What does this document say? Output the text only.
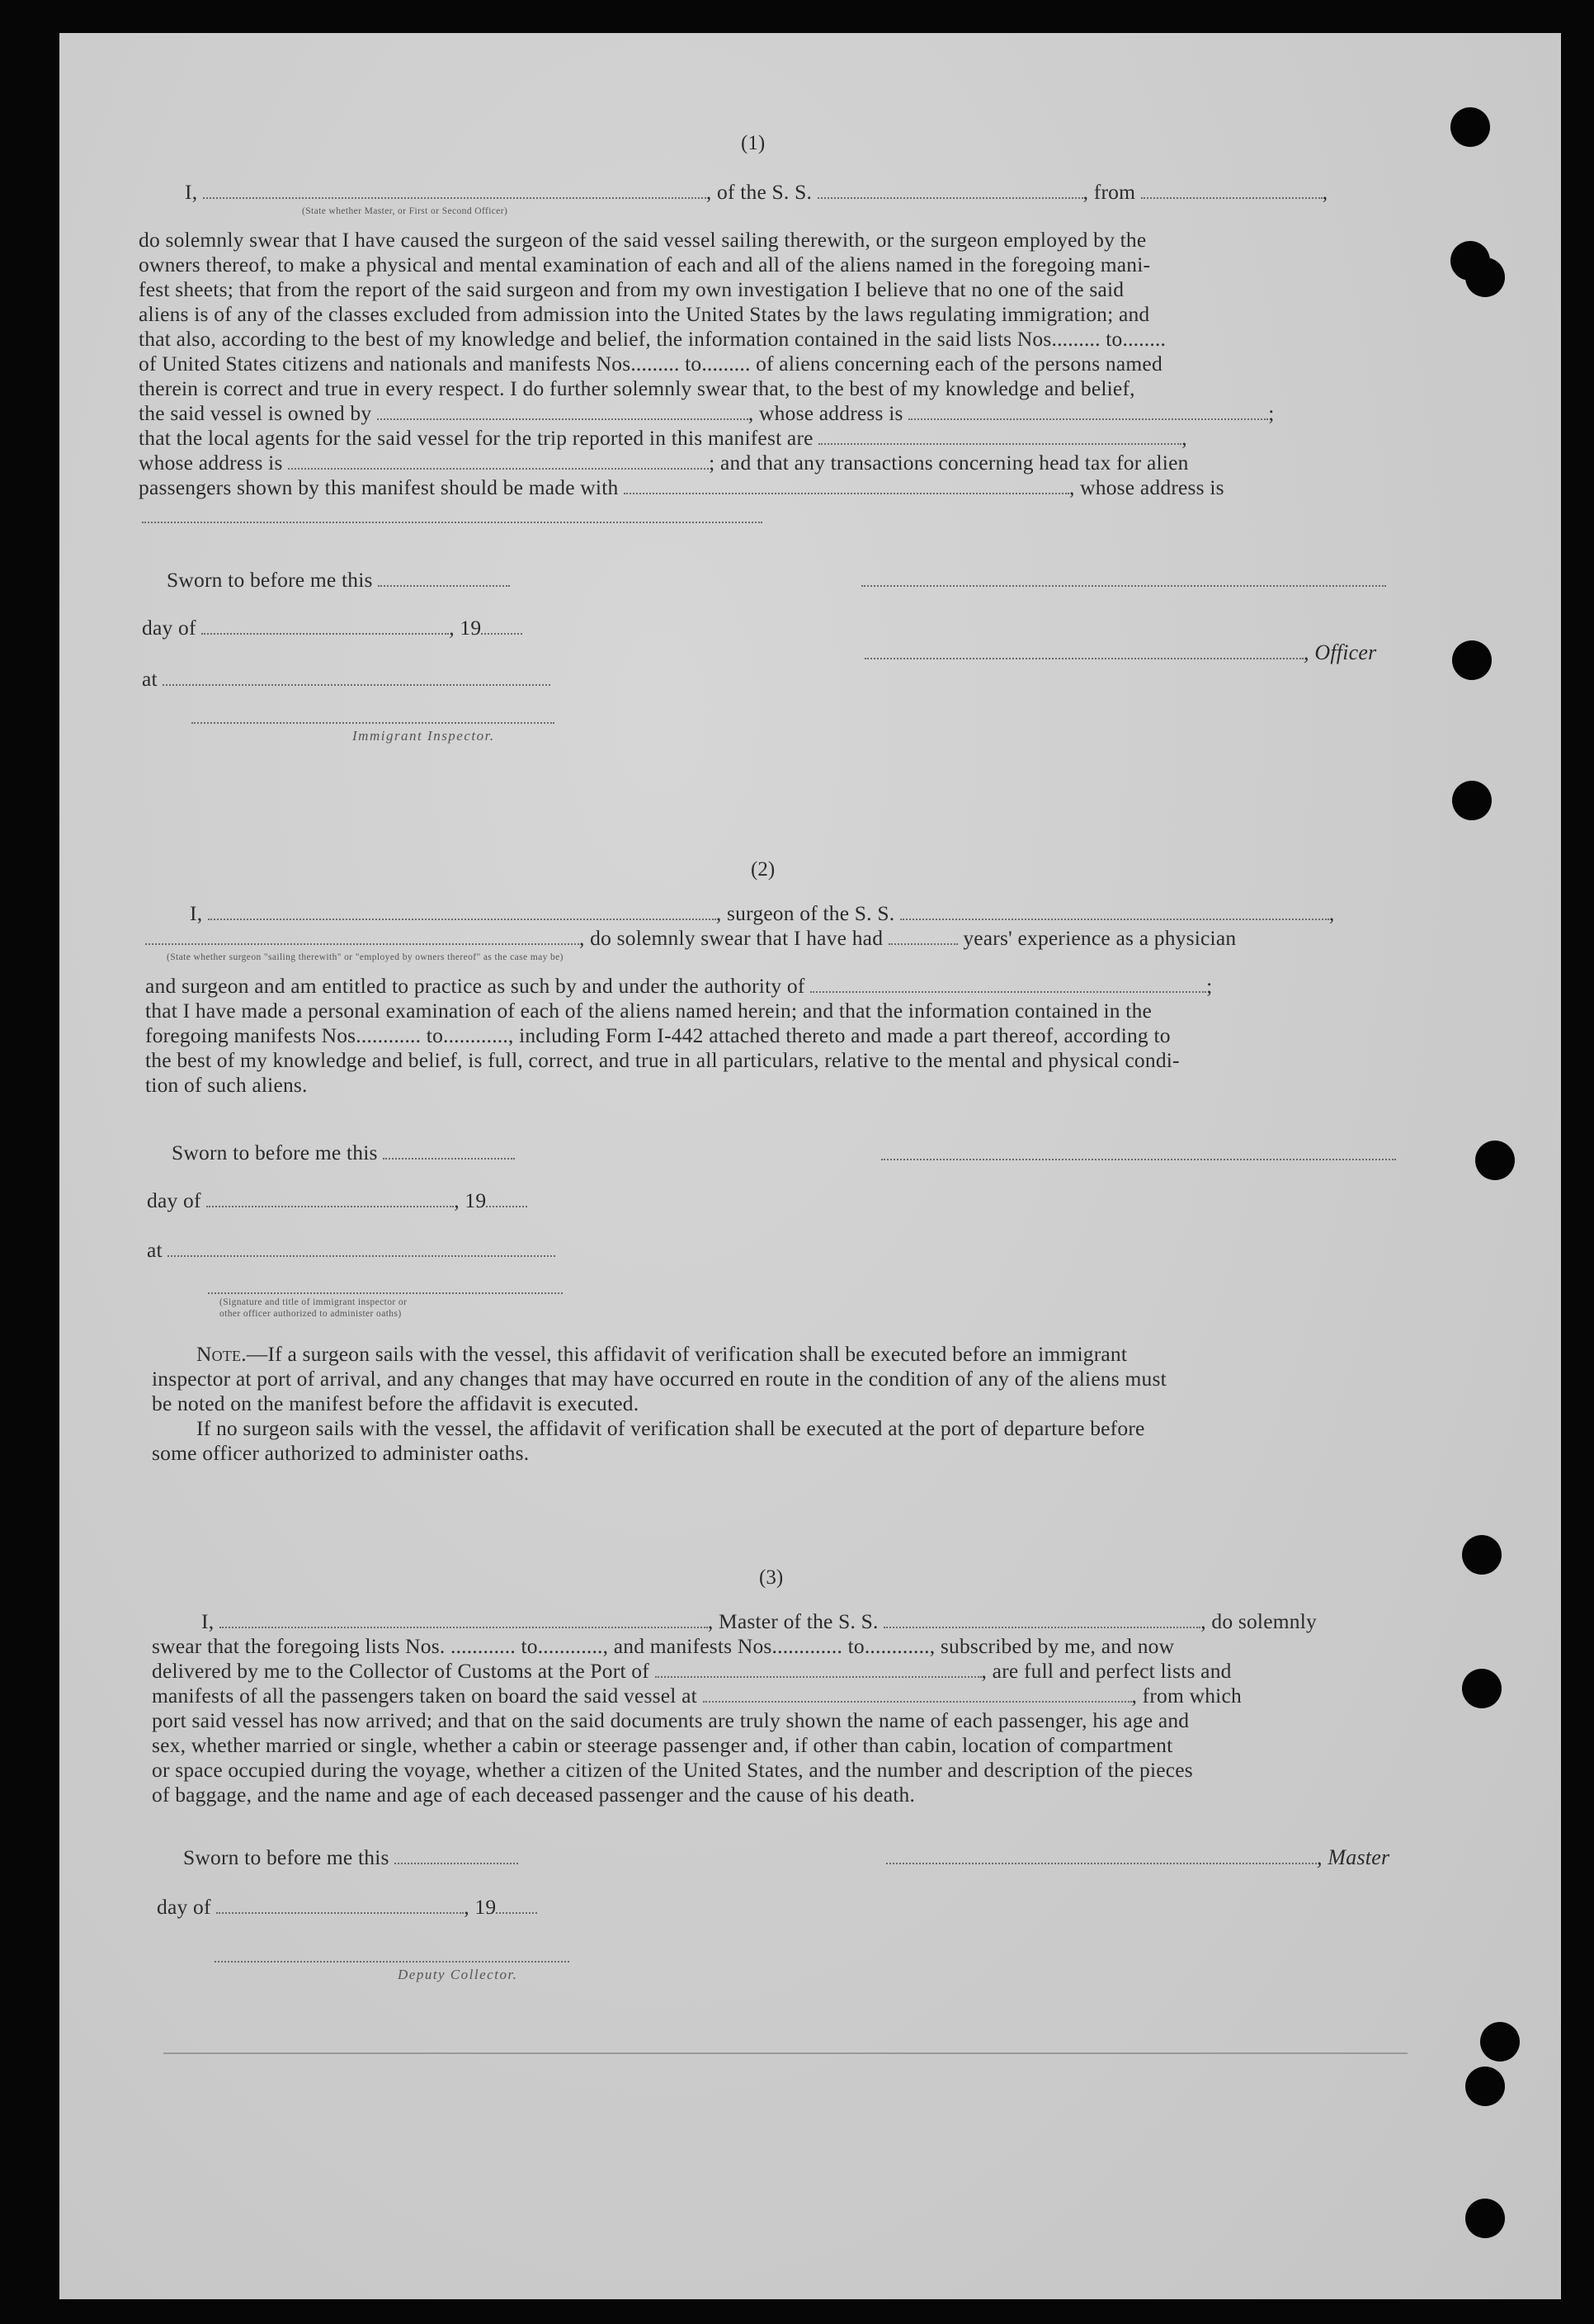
(1)
I,	, of the S. S.	, from	,
(State whether Master, or First or Second Officer)
do solemnly swear that I have caused the surgeon of the said vessel sailing therewith, or the surgeon employed by the
owners thereof, to make a physical and mental examination of each and all of the aliens named in the foregoing mani-
fest sheets; that from the report of the said surgeon and from my own investigation I believe that no one of the said
aliens is of any of the classes excluded from admission into the United States by the laws regulating immigration; and
that also, according to the best of my knowledge and belief, the information contained in the said lists Nos......... to........
of United States citizens and nationals and manifests Nos......... to......... of aliens concerning each of the persons named
therein is correct and true in every respect. I do further solemnly swear that, to the best of my knowledge and belief,
the said vessel is owned by	, whose address is	;
that the local agents for the said vessel for the trip reported in this manifest are	,
whose address is	; and that any transactions concerning head tax for alien
passengers shown by this manifest should be made with	, whose address is
Sworn to before me this
day of	, 19
, Officer
at
Immigrant Inspector.
(2)
I,	, surgeon of the S. S.	,
, do solemnly swear that I have had	years' experience as a physician
(State whether surgeon "sailing therewith" or "employed by owners thereof" as the case may be)
and surgeon and am entitled to practice as such by and under the authority of	;
that I have made a personal examination of each of the aliens named herein; and that the information contained in the
foregoing manifests Nos............ to............, including Form I-442 attached thereto and made a part thereof, according to
the best of my knowledge and belief, is full, correct, and true in all particulars, relative to the mental and physical condi-
tion of such aliens.
Sworn to before me this
day of	, 19
at
(Signature and title of immigrant inspector or
other officer authorized to administer oaths)
Note.—If a surgeon sails with the vessel, this affidavit of verification shall be executed before an immigrant
inspector at port of arrival, and any changes that may have occurred en route in the condition of any of the aliens must
be noted on the manifest before the affidavit is executed.
If no surgeon sails with the vessel, the affidavit of verification shall be executed at the port of departure before
some officer authorized to administer oaths.
(3)
I,	, Master of the S. S.	, do solemnly
swear that the foregoing lists Nos. ............ to............, and manifests Nos............. to............, subscribed by me, and now
delivered by me to the Collector of Customs at the Port of	, are full and perfect lists and
manifests of all the passengers taken on board the said vessel at	, from which
port said vessel has now arrived; and that on the said documents are truly shown the name of each passenger, his age and
sex, whether married or single, whether a cabin or steerage passenger and, if other than cabin, location of compartment
or space occupied during the voyage, whether a citizen of the United States, and the number and description of the pieces
of baggage, and the name and age of each deceased passenger and the cause of his death.
Sworn to before me this	, Master
day of	, 19
Deputy Collector.
